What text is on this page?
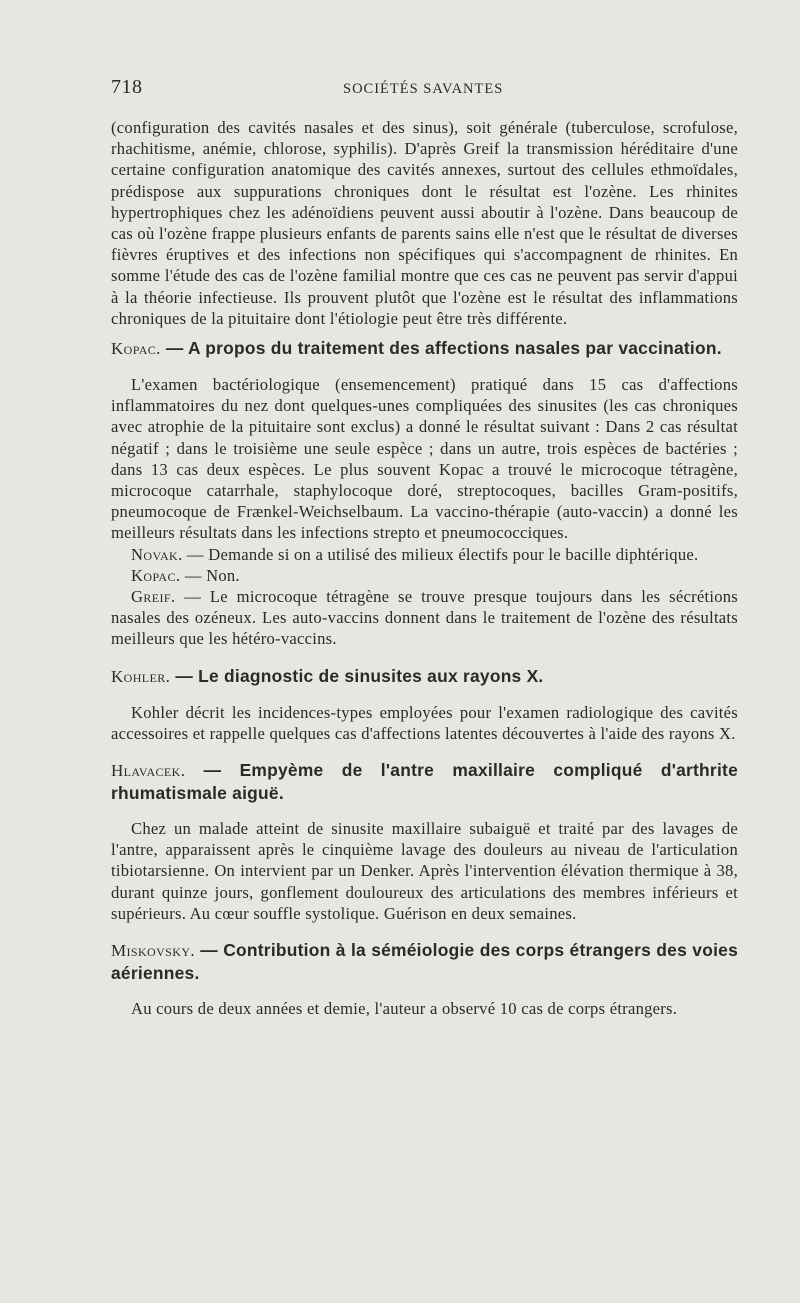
718	SOCIÉTÉS SAVANTES

(configuration des cavités nasales et des sinus), soit générale (tuberculose, scrofulose, rhachitisme, anémie, chlorose, syphilis). D'après Greif la transmission héréditaire d'une certaine configuration anatomique des cavités annexes, surtout des cellules ethmoïdales, prédispose aux suppurations chroniques dont le résultat est l'ozène. Les rhinites hypertrophiques chez les adénoïdiens peuvent aussi aboutir à l'ozène. Dans beaucoup de cas où l'ozène frappe plusieurs enfants de parents sains elle n'est que le résultat de diverses fièvres éruptives et des infections non spécifiques qui s'accompagnent de rhinites. En somme l'étude des cas de l'ozène familial montre que ces cas ne peuvent pas servir d'appui à la théorie infectieuse. Ils prouvent plutôt que l'ozène est le résultat des inflammations chroniques de la pituitaire dont l'étiologie peut être très différente.

Kopac. — A propos du traitement des affections nasales par vaccination.

L'examen bactériologique (ensemencement) pratiqué dans 15 cas d'affections inflammatoires du nez dont quelques-unes compliquées des sinusites (les cas chroniques avec atrophie de la pituitaire sont exclus) a donné le résultat suivant : Dans 2 cas résultat négatif ; dans le troisième une seule espèce ; dans un autre, trois espèces de bactéries ; dans 13 cas deux espèces. Le plus souvent Kopac a trouvé le microcoque tétragène, microcoque catarrhale, staphylocoque doré, streptocoques, bacilles Gram-positifs, pneumocoque de Frænkel-Weichselbaum. La vaccino-thérapie (auto-vaccin) a donné les meilleurs résultats dans les infections strepto et pneumococciques.

Novak. — Demande si on a utilisé des milieux électifs pour le bacille diphtérique.

Kopac. — Non.

Greif. — Le microcoque tétragène se trouve presque toujours dans les sécrétions nasales des ozéneux. Les auto-vaccins donnent dans le traitement de l'ozène des résultats meilleurs que les hétéro-vaccins.

Kohler. — Le diagnostic de sinusites aux rayons X.

Kohler décrit les incidences-types employées pour l'examen radiologique des cavités accessoires et rappelle quelques cas d'affections latentes découvertes à l'aide des rayons X.

Hlavacek. — Empyème de l'antre maxillaire compliqué d'arthrite rhumatismale aiguë.

Chez un malade atteint de sinusite maxillaire subaiguë et traité par des lavages de l'antre, apparaissent après le cinquième lavage des douleurs au niveau de l'articulation tibiotarsienne. On intervient par un Denker. Après l'intervention élévation thermique à 38, durant quinze jours, gonflement douloureux des articulations des membres inférieurs et supérieurs. Au cœur souffle systolique. Guérison en deux semaines.

Miskovsky. — Contribution à la séméiologie des corps étrangers des voies aériennes.

Au cours de deux années et demie, l'auteur a observé 10 cas de corps étrangers.
